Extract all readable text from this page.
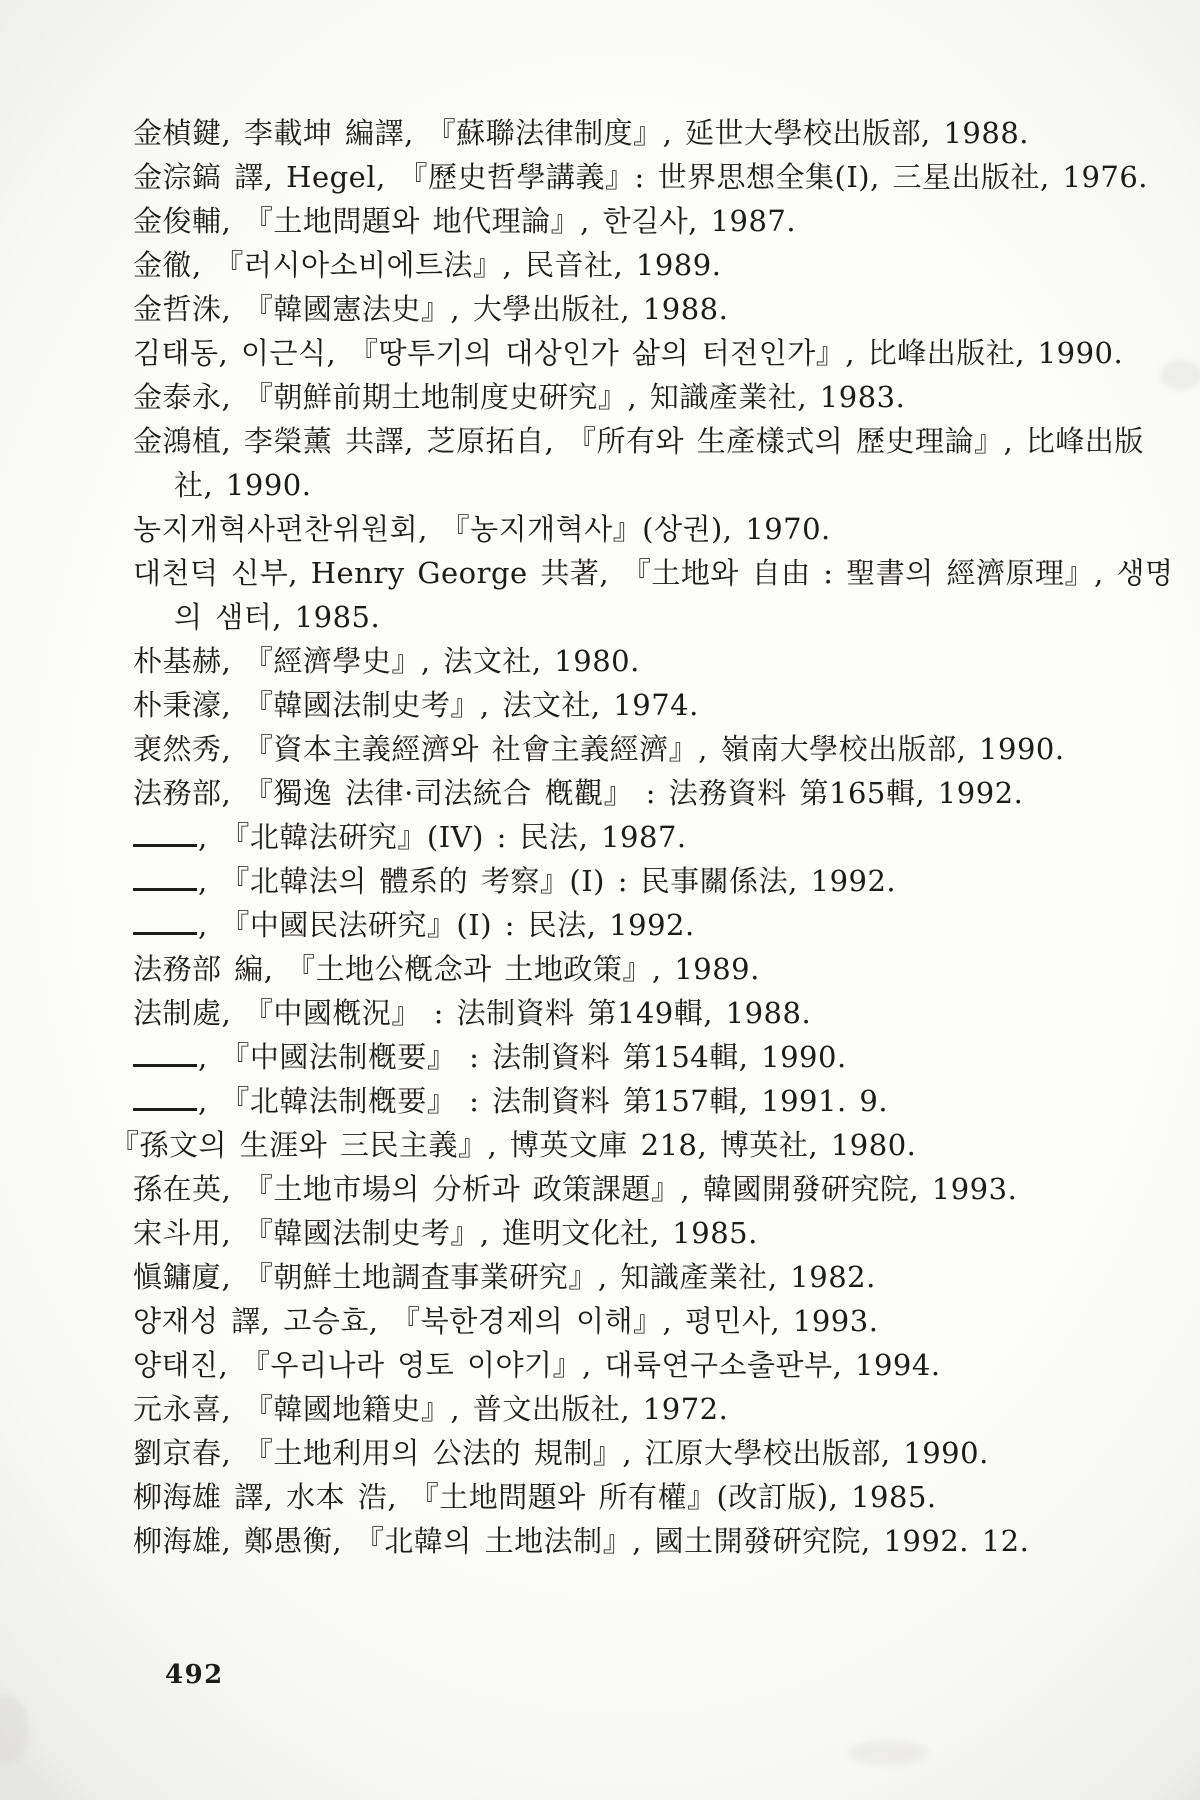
金楨鍵, 李載坤 編譯, 『蘇聯法律制度』, 延世大學校出版部, 1988.
金淙鎬 譯, Hegel, 『歷史哲學講義』: 世界思想全集(I), 三星出版社, 1976.
金俊輔, 『土地問題와 地代理論』, 한길사, 1987.
金徹, 『러시아소비에트法』, 民音社, 1989.
金哲洙, 『韓國憲法史』, 大學出版社, 1988.
김태동, 이근식, 『땅투기의 대상인가 삶의 터전인가』, 比峰出版社, 1990.
金泰永, 『朝鮮前期土地制度史硏究』, 知識產業社, 1983.
金鴻植, 李榮薰 共譯, 芝原拓自, 『所有와 生產樣式의 歷史理論』, 比峰出版
社, 1990.
농지개혁사편찬위원회, 『농지개혁사』(상권), 1970.
대천덕 신부, Henry George 共著, 『土地와 自由 : 聖書의 經濟原理』, 생명
의 샘터, 1985.
朴基赫, 『經濟學史』, 法文社, 1980.
朴秉濠, 『韓國法制史考』, 法文社, 1974.
裵然秀, 『資本主義經濟와 社會主義經濟』, 嶺南大學校出版部, 1990.
法務部, 『獨逸 法律·司法統合 槪觀』 : 法務資料 第165輯, 1992.
, 『北韓法硏究』(IV) : 民法, 1987.
, 『北韓法의 體系的 考察』(I) : 民事關係法, 1992.
, 『中國民法硏究』(I) : 民法, 1992.
法務部 編, 『土地公槪念과 土地政策』, 1989.
法制處, 『中國槪況』 : 法制資料 第149輯, 1988.
, 『中國法制槪要』 : 法制資料 第154輯, 1990.
, 『北韓法制槪要』 : 法制資料 第157輯, 1991. 9.
『孫文의 生涯와 三民主義』, 博英文庫 218, 博英社, 1980.
孫在英, 『土地市場의 分析과 政策課題』, 韓國開發硏究院, 1993.
宋斗用, 『韓國法制史考』, 進明文化社, 1985.
愼鏞廈, 『朝鮮土地調査事業硏究』, 知識產業社, 1982.
양재성 譯, 고승효, 『북한경제의 이해』, 평민사, 1993.
양태진, 『우리나라 영토 이야기』, 대륙연구소출판부, 1994.
元永喜, 『韓國地籍史』, 普文出版社, 1972.
劉京春, 『土地利用의 公法的 規制』, 江原大學校出版部, 1990.
柳海雄 譯, 水本 浩, 『土地問題와 所有權』(改訂版), 1985.
柳海雄, 鄭愚衡, 『北韓의 土地法制』, 國土開發硏究院, 1992. 12.
492
